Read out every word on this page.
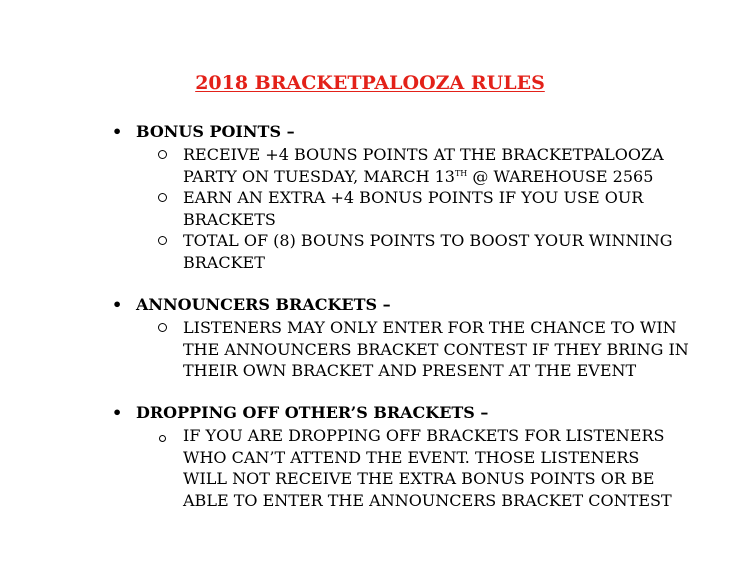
2018 BRACKETPALOOZA RULES
• BONUS POINTS –
RECEIVE +4 BOUNS POINTS AT THE BRACKETPALOOZA
PARTY ON TUESDAY, MARCH 13TH @ WAREHOUSE 2565
EARN AN EXTRA +4 BONUS POINTS IF YOU USE OUR
BRACKETS
TOTAL OF (8) BOUNS POINTS TO BOOST YOUR WINNING
BRACKET
• ANNOUNCERS BRACKETS –
LISTENERS MAY ONLY ENTER FOR THE CHANCE TO WIN
THE ANNOUNCERS BRACKET CONTEST IF THEY BRING IN
THEIR OWN BRACKET AND PRESENT AT THE EVENT
• DROPPING OFF OTHER’S BRACKETS –
IF YOU ARE DROPPING OFF BRACKETS FOR LISTENERS
WHO CAN’T ATTEND THE EVENT. THOSE LISTENERS
WILL NOT RECEIVE THE EXTRA BONUS POINTS OR BE
ABLE TO ENTER THE ANNOUNCERS BRACKET CONTEST
